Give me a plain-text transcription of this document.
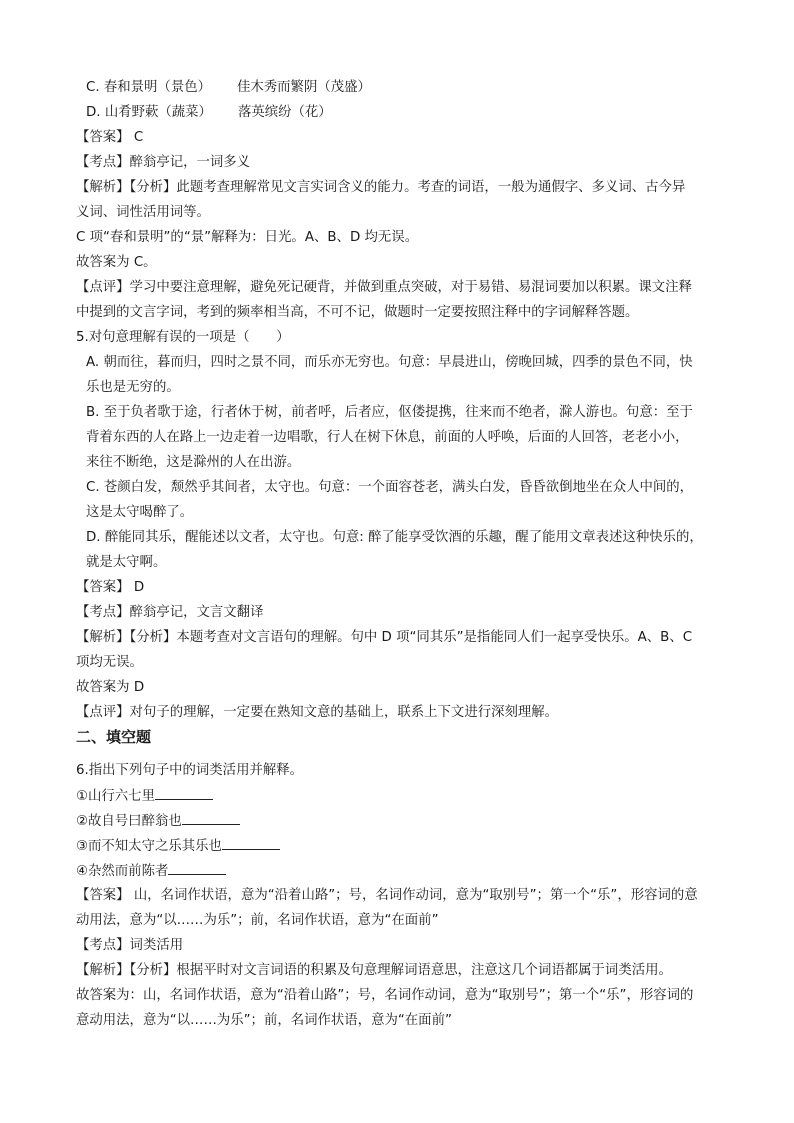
C. 春和景明（景色） 佳木秀而繁阴（茂盛）
D. 山肴野蔌（蔬菜） 落英缤纷（花）
【答案】 C
【考点】醉翁亭记，一词多义
【解析】【分析】此题考查理解常见文言实词含义的能力。考查的词语，一般为通假字、多义词、古今异
义词、词性活用词等。
C 项“春和景明”的“景”解释为：日光。A、B、D 均无误。
故答案为 C。
【点评】学习中要注意理解，避免死记硬背，并做到重点突破，对于易错、易混词要加以积累。课文注释
中提到的文言字词，考到的频率相当高，不可不记，做题时一定要按照注释中的字词解释答题。
5.对句意理解有误的一项是（　　）
A. 朝而往，暮而归，四时之景不同，而乐亦无穷也。句意：早晨进山，傍晚回城，四季的景色不同，快
乐也是无穷的。
B. 至于负者歌于途，行者休于树，前者呼，后者应，伛偻提携，往来而不绝者，滁人游也。句意：至于
背着东西的人在路上一边走着一边唱歌，行人在树下休息，前面的人呼唤，后面的人回答，老老小小，
来往不断绝，这是滁州的人在出游。
C. 苍颜白发，颓然乎其间者，太守也。句意：一个面容苍老，满头白发，昏昏欲倒地坐在众人中间的，
这是太守喝醉了。
D. 醉能同其乐，醒能述以文者，太守也。句意: 醉了能享受饮酒的乐趣，醒了能用文章表述这种快乐的，
就是太守啊。
【答案】 D
【考点】醉翁亭记，文言文翻译
【解析】【分析】本题考查对文言语句的理解。句中 D 项“同其乐”是指能同人们一起享受快乐。A、B、C
项均无误。
故答案为 D
【点评】对句子的理解，一定要在熟知文意的基础上，联系上下文进行深刻理解。
二、填空题
6.指出下列句子中的词类活用并解释。
①山行六七里
②故自号曰醉翁也
③而不知太守之乐其乐也
④杂然而前陈者
【答案】 山，名词作状语，意为“沿着山路”；号，名词作动词，意为“取别号”；第一个“乐”，形容词的意
动用法，意为“以……为乐”；前，名词作状语，意为“在面前”
【考点】词类活用
【解析】【分析】根据平时对文言词语的积累及句意理解词语意思，注意这几个词语都属于词类活用。
故答案为：山，名词作状语，意为“沿着山路”；号，名词作动词，意为“取别号”；第一个“乐”，形容词的
意动用法，意为“以……为乐”；前，名词作状语，意为“在面前”
